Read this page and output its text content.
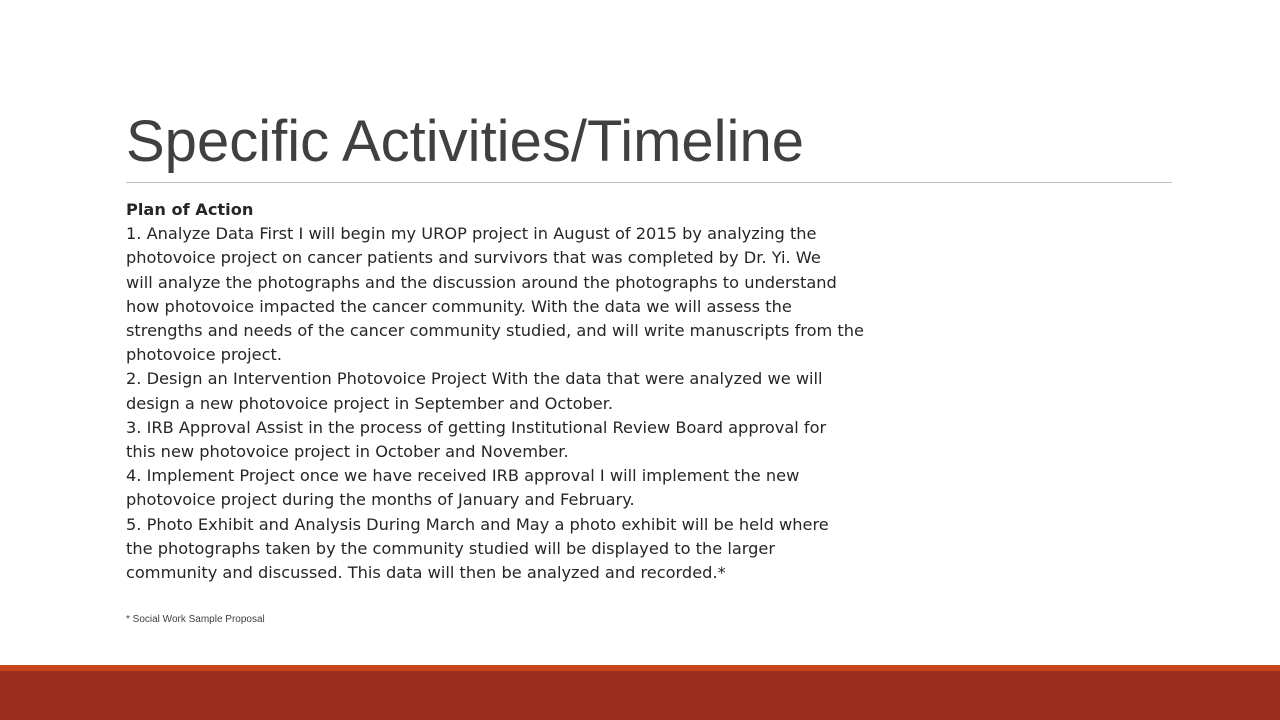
Specific Activities/Timeline
Plan of Action
1. Analyze Data First I will begin my UROP project in August of 2015 by analyzing the
photovoice project on cancer patients and survivors that was completed by Dr. Yi. We
will analyze the photographs and the discussion around the photographs to understand
how photovoice impacted the cancer community. With the data we will assess the
strengths and needs of the cancer community studied, and will write manuscripts from the
photovoice project.
2. Design an Intervention Photovoice Project With the data that were analyzed we will
design a new photovoice project in September and October.
3. IRB Approval Assist in the process of getting Institutional Review Board approval for
this new photovoice project in October and November.
4. Implement Project once we have received IRB approval I will implement the new
photovoice project during the months of January and February.
5. Photo Exhibit and Analysis During March and May a photo exhibit will be held where
the photographs taken by the community studied will be displayed to the larger
community and discussed. This data will then be analyzed and recorded.*
* Social Work Sample Proposal
